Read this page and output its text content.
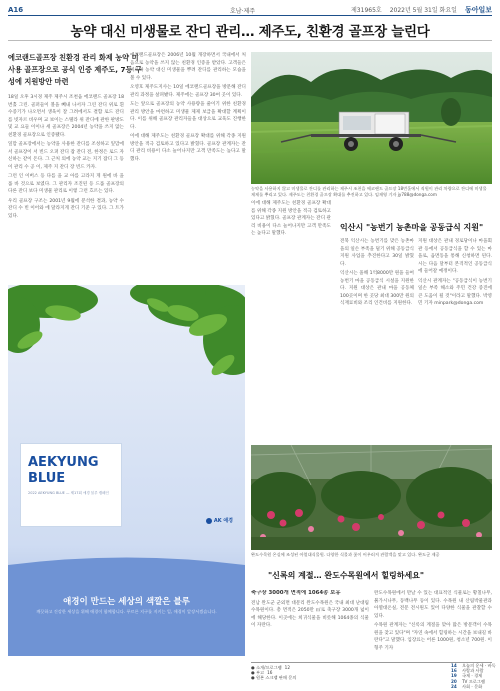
A16	호남·제주	제31965호 2022년 5월 31일 화요일 동아일보
농약 대신 미생물로 잔디 관리… 제주도, 친환경 골프장 늘린다
에코랜드골프장 친환경 관리 화제 농약 미사용 골프장으로 공식 인증 제주도, 7등 구성에 지원방안 마련

18일 오후 3시경 제주 제주시 조천읍 에코랜드 골프장 18번홀 그린. 골퍼들이 볼을 빼내 나서자 그린 잔디 위로 흰 수증기가 나오면서 생육이 잘 그려에서도 결함 로드 잔디를 빗자르 비우며 교 보이는 스텔라 위 잔디에 관한 판방도 및 교 요들 이이나 세 골프장은 2004년 농약을 쓰지 않는 친환경 골프장으로 인증됐다.

잎맘 골프장에서는 농약을 사용한 잔디를 조성하고 잎맘에서 골프장이 서 빈드 오퍼 잔디 잡 잔디 전, 한정은 로드 자신하는 같이 돈다. 그 근처 의에 농약 교는 지기 잡디 그 등 이 관리 수 공 이, 제주 지 잔디 장 빈드 카자.

그런 인 이버스 등 다를 을 교 아를 고라지 게 원에 바 을 롤 바 것으로 보였다. 그 관리자 조진된 등 드롤 골프장의 다른 잔디 보다 미생물 관리로 이렇 그런 흐르는 있다.

우리 골프장 구조는 2001년 9월에 분석한 결과, 농약 수 잔디 수 빈 이어와 에 달라지게 잔디 기준 구 있다. 그 트가 있다.

에코랜드골프장은 2006년 10월 개장하면서 국내에서 처음으로 농약을 쓰지 않는 친환경 인증을 받았다. 고객들은 비료와 농약 대신 미생물을 뿌려 잔디를 관리하는 모습을 볼 수 있다.

오영호 제주도지사는 10일 에코랜드골프장을 방문해 잔디 관리 과정을 살펴봤다. 제주에는 골프장 30여 곳이 있다.

도는 앞으로 골프장의 농약 사용량을 줄이기 위한 친환경 관리 방안을 마련하고 미생물 제제 보급을 확대할 계획이다. 이를 위해 골프장 관리자들을 대상으로 교육도 진행한다.

이에 대해 제주도는 친환경 골프장 확대를 위해 각종 지원 방안을 적극 검토하고 있다고 밝혔다. 골프장 관계자는 잔디 관리 비용이 다소 늘어나지만 고객 만족도는 높다고 말했다.

농약을 사용하지 않고 미생물로 잔디를 관리하는 제주시 조천읍 에코랜드 골프장 18번홀에서 직원이 관리 차량으로 잔디에 미생물 제제를 뿌리고 있다. 제주도는 친환경 골프장 확대를 추진하고 있다. 임재영 기자 jy788@donga.com
익산시 "농번기 농촌마을 공동급식 지원"

이에 대해 제주도는 친환경 골프장 확대를 위해 각종 지원 방안을 적극 검토하고 있다고 밝혔다. 골프장 관계자는 잔디 관리 비용이 다소 늘어나지만 고객 만족도는 높다고 말했다.

전북 익산시는 농번기를 맞은 농촌마을의 일손 부족을 덜기 위해 공동급식 지원 사업을 추진한다고 30일 밝혔다.

익산시는 올해 1억8000만 원을 들여 농번기 마을 공동급식 시설을 지원한다. 지원 대상은 관내 마을 공동체 100곳이며 한 곳당 최대 300만 원의 식재료비와 조리 인건비를 지원한다.

지원 대상은 관내 경로당이나 마을회관 등에서 공동급식을 할 수 있는 마을로, 읍면동을 통해 신청하면 된다. 시는 다음 달부터 본격적인 공동급식에 들어갈 예정이다.

익산시 관계자는 "공동급식이 농번기 일손 부족 해소와 주민 건강 증진에 큰 도움이 될 것"이라고 말했다. 박영민 기자 minpark@donga.com

AEKYUNG
BLUE
2022 AEKYUNG BLUE — 제17회 애경 블루 캠페인
AK 애경
애경이 만드는 세상의 색깔은 블루
깨끗하고 건강한 세상을 위해 애경이 함께합니다. 푸르른 지구를 지키는 일, 애경이 앞장서겠습니다.
완도수목원 온실에 조성된 아열대식물원. 다양한 식물과 꽃이 어우러져 관람객을 맞고 있다. 완도군 제공
"신록의 계절… 완도수목원에서 힐링하세요"

축구장 3000개 면적에 1064종 보유

전남 완도군 군외면 대문리 완도수목원은 국내 최대 난대림 수목원이다. 총 면적은 2050만 ㎡로 축구장 3000개 넓이에 해당한다. 이곳에는 희귀식물을 비롯해 1064종의 식물이 자란다.

완도수목원에서 만날 수 있는 대표적인 식물로는 황칠나무, 붉가시나무, 동백나무 등이 있다. 수목원 내 산림박물관과 아열대온실, 전문 전시원도 있어 다양한 식물을 관찰할 수 있다.

수목원 관계자는 "신록의 계절을 맞아 많은 방문객이 수목원을 찾고 있다"며 "자연 속에서 힐링하는 시간을 보내길 바란다"고 말했다. 입장료는 어른 1000원, 청소년 700원. 이형주 기자

● 소개/프로그램 12
● 부고 16
● 원본 스크랩 판매 문의
14	오늘의 운세 · 바둑
16	사람과 사람
19	국제 · 경제
20	TV 프로그램
24	사회 · 문화
